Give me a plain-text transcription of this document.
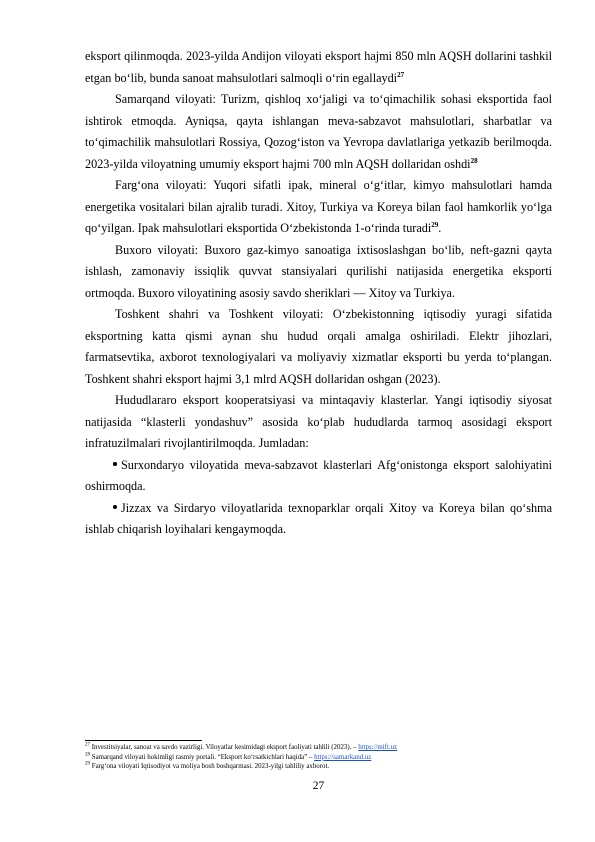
eksport qilinmoqda. 2023-yilda Andijon viloyati eksport hajmi 850 mln AQSH dollarini tashkil etgan bo‘lib, bunda sanoat mahsulotlari salmoqli o‘rin egallaydi$^{27}$

Samarqand viloyati: Turizm, qishloq xo‘jaligi va to‘qimachilik sohasi eksportida faol ishtirok etmoqda. Ayniqsa, qayta ishlangan meva-sabzavot mahsulotlari, sharbatlar va to‘qimachilik mahsulotlari Rossiya, Qozog‘iston va Yevropa davlatlariga yetkazib berilmoqda. 2023-yilda viloyatning umumiy eksport hajmi 700 mln AQSH dollaridan oshdi$^{28}$

Farg‘ona viloyati: Yuqori sifatli ipak, mineral o‘g‘itlar, kimyo mahsulotlari hamda energetika vositalari bilan ajralib turadi. Xitoy, Turkiya va Koreya bilan faol hamkorlik yo‘lga qo‘yilgan. Ipak mahsulotlari eksportida O‘zbekistonda 1-o‘rinda turadi$^{29}$.

Buxoro viloyati: Buxoro gaz-kimyo sanoatiga ixtisoslashgan bo‘lib, neft-gazni qayta ishlash, zamonaviy issiqlik quvvat stansiyalari qurilishi natijasida energetika eksporti ortmoqda. Buxoro viloyatining asosiy savdo sheriklari — Xitoy va Turkiya.

Toshkent shahri va Toshkent viloyati: O‘zbekistonning iqtisodiy yuragi sifatida eksportning katta qismi aynan shu hudud orqali amalga oshiriladi. Elektr jihozlari, farmatsevtika, axborot texnologiyalari va moliyaviy xizmatlar eksporti bu yerda to‘plangan. Toshkent shahri eksport hajmi 3,1 mlrd AQSH dollaridan oshgan (2023).

Hududlararo eksport kooperatsiyasi va mintaqaviy klasterlar. Yangi iqtisodiy siyosat natijasida “klasterli yondashuv” asosida ko‘plab hududlarda tarmoq asosidagi eksport infratuzilmalari rivojlantirilmoqda. Jumladan:

Surxondaryo viloyatida meva-sabzavot klasterlari Afg‘onistonga eksport salohiyatini oshirmoqda.

Jizzax va Sirdaryo viloyatlarida texnoparklar orqali Xitoy va Koreya bilan qo‘shma ishlab chiqarish loyihalari kengaymoqda.

$^{27}$ Investitsiyalar, sanoat va savdo vazirligi. Viloyatlar kesimidagi eksport faoliyati tahlili (2023). – https://mift.uz
$^{28}$ Samarqand viloyati hokimligi rasmiy portali. “Eksport ko‘rsatkichlari haqida” – https://samarkand.uz
$^{29}$ Farg‘ona viloyati Iqtisodiyot va moliya bosh boshqarmasi. 2023-yilgi tahliliy axborot.
27
